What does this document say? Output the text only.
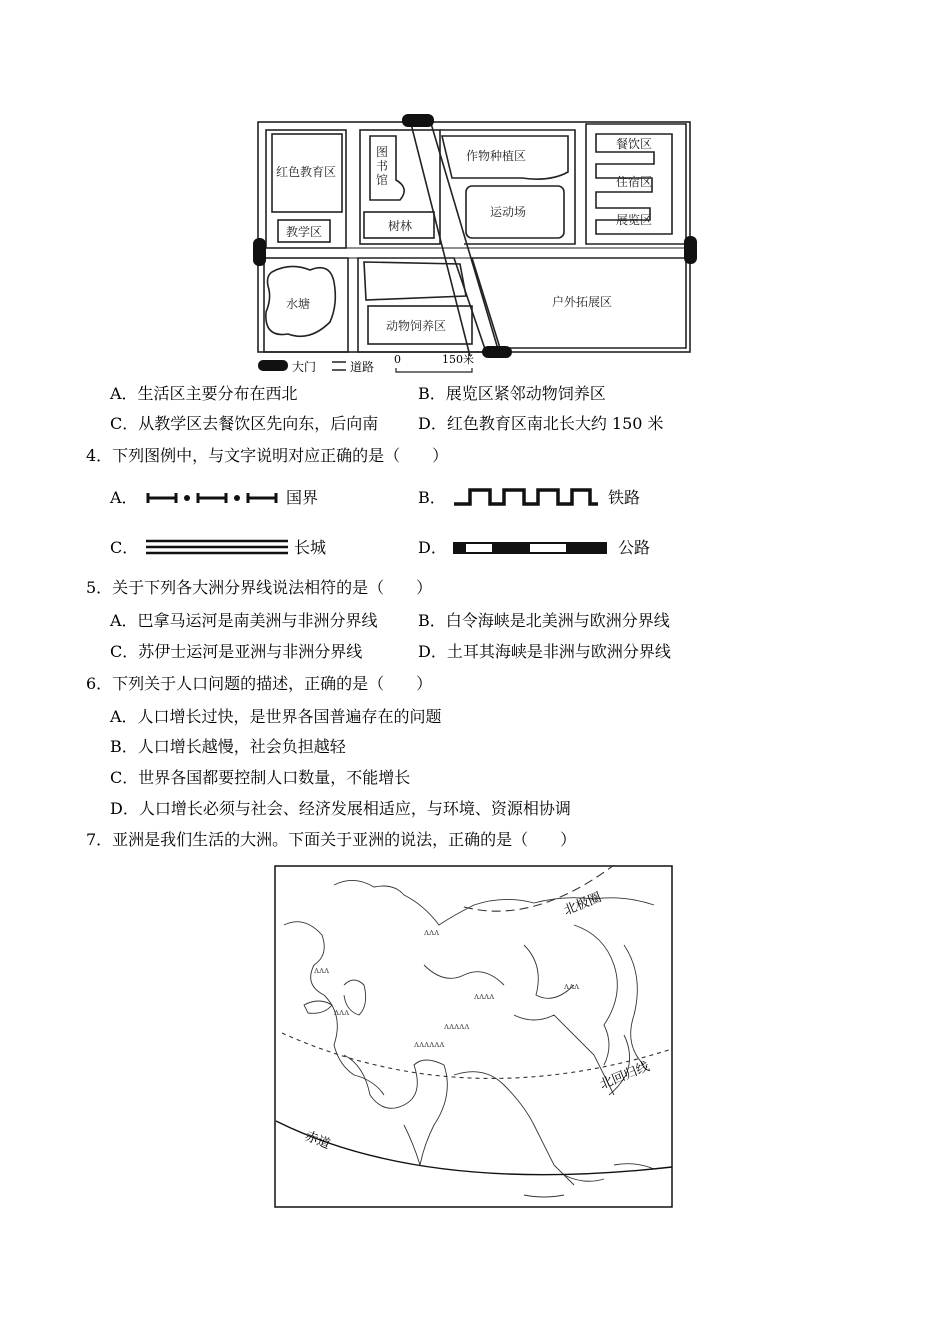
红色教育区
图
书
馆
作物种植区
餐饮区
住宿区
展览区
运动场
树林
教学区
水塘
动物饲养区
户外拓展区
大门	道路
0	150米
A．生活区主要分布在西北	B．展览区紧邻动物饲养区
C．从教学区去餐饮区先向东，后向南 D．红色教育区南北长大约 150 米
4．下列图例中，与文字说明对应正确的是（　　）
A．	国界	B．	铁路
C．	长城	D．	公路
5．关于下列各大洲分界线说法相符的是（　　）
A．巴拿马运河是南美洲与非洲分界线	B．白令海峡是北美洲与欧洲分界线
C．苏伊士运河是亚洲与非洲分界线	D．土耳其海峡是非洲与欧洲分界线
6．下列关于人口问题的描述，正确的是（　　）
A．人口增长过快，是世界各国普遍存在的问题
B．人口增长越慢，社会负担越轻
C．世界各国都要控制人口数量，不能增长
D．人口增长必须与社会、经济发展相适应，与环境、资源相协调
7．亚洲是我们生活的大洲。下面关于亚洲的说法，正确的是（　　）
ᴧᴧᴧ
ᴧᴧᴧᴧᴧᴧ
ᴧᴧᴧᴧᴧ
ᴧᴧᴧᴧ
ᴧᴧᴧ
ᴧᴧᴧ
ᴧᴧᴧ
北极圈
北回归线
赤道
